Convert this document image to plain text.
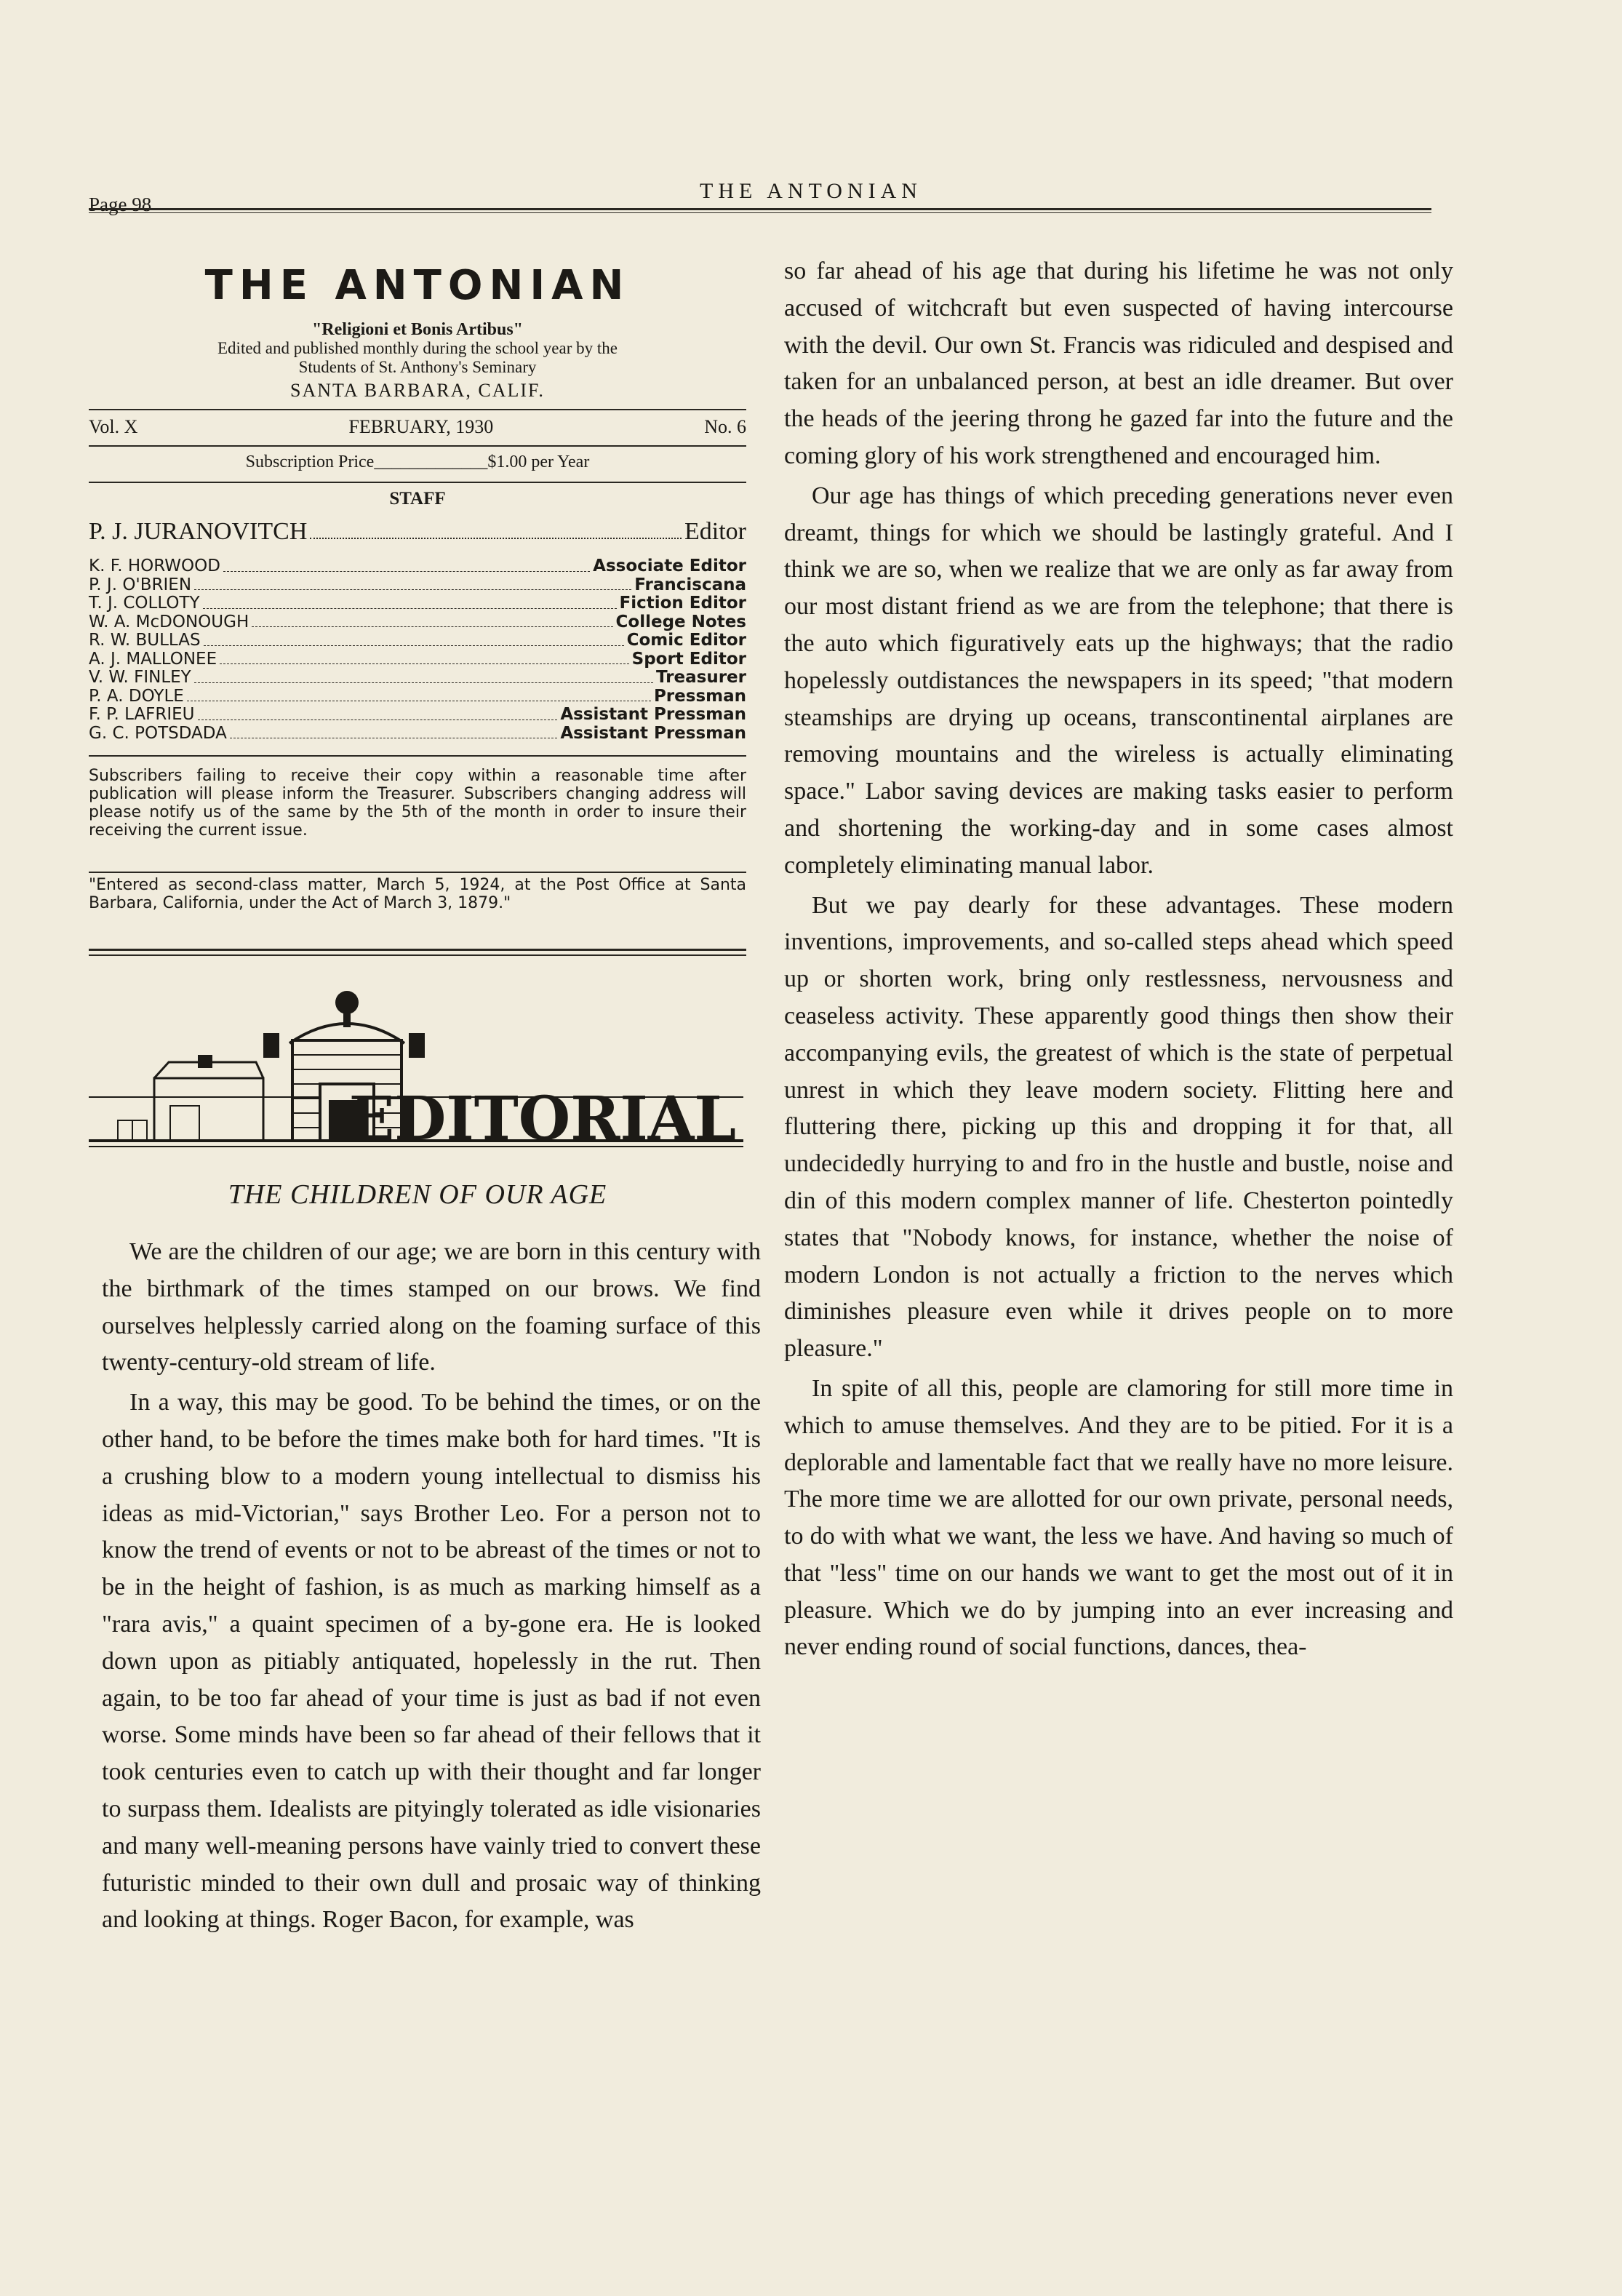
Page 98
THE ANTONIAN
THE ANTONIAN
"Religioni et Bonis Artibus"
Edited and published monthly during the school year by the
Students of St. Anthony's Seminary
SANTA BARBARA, CALIF.
Vol. X	FEBRUARY, 1930	No. 6
Subscription Price_____________$1.00 per Year
STAFF
P. J. JURANOVITCH	Editor
K. F. HORWOOD	Associate Editor
P. J. O'BRIEN	Franciscana
T. J. COLLOTY	Fiction Editor
W. A. McDONOUGH	College Notes
R. W. BULLAS	Comic Editor
A. J. MALLONEE	Sport Editor
V. W. FINLEY	Treasurer
P. A. DOYLE	Pressman
F. P. LAFRIEU	Assistant Pressman
G. C. POTSDADA	Assistant Pressman
Subscribers failing to receive their copy within a reasonable time after publication will please inform the Treasurer. Subscribers changing address will please notify us of the same by the 5th of the month in order to insure their receiving the current issue.
"Entered as second-class matter, March 5, 1924, at the Post Office at Santa Barbara, California, under the Act of March 3, 1879."
EDITORIAL
THE CHILDREN OF OUR AGE

We are the children of our age; we are born in this century with the birthmark of the times stamped on our brows. We find ourselves helplessly carried along on the foaming surface of this twenty-century-old stream of life.

In a way, this may be good. To be behind the times, or on the other hand, to be before the times make both for hard times. "It is a crushing blow to a modern young intellectual to dismiss his ideas as mid-Victorian," says Brother Leo. For a person not to know the trend of events or not to be abreast of the times or not to be in the height of fashion, is as much as marking himself as a "rara avis," a quaint specimen of a by-gone era. He is looked down upon as pitiably antiquated, hopelessly in the rut. Then again, to be too far ahead of your time is just as bad if not even worse. Some minds have been so far ahead of their fellows that it took centuries even to catch up with their thought and far longer to surpass them. Idealists are pityingly tolerated as idle visionaries and many well-meaning persons have vainly tried to convert these futuristic minded to their own dull and prosaic way of thinking and looking at things. Roger Bacon, for example, was

so far ahead of his age that during his lifetime he was not only accused of witchcraft but even suspected of having intercourse with the devil. Our own St. Francis was ridiculed and despised and taken for an unbalanced person, at best an idle dreamer. But over the heads of the jeering throng he gazed far into the future and the coming glory of his work strengthened and encouraged him.

Our age has things of which preceding generations never even dreamt, things for which we should be lastingly grateful. And I think we are so, when we realize that we are only as far away from our most distant friend as we are from the telephone; that there is the auto which figuratively eats up the highways; that the radio hopelessly outdistances the newspapers in its speed; "that modern steamships are drying up oceans, transcontinental airplanes are removing mountains and the wireless is actually eliminating space." Labor saving devices are making tasks easier to perform and shortening the working-day and in some cases almost completely eliminating manual labor.

But we pay dearly for these advantages. These modern inventions, improvements, and so-called steps ahead which speed up or shorten work, bring only restlessness, nervousness and ceaseless activity. These apparently good things then show their accompanying evils, the greatest of which is the state of perpetual unrest in which they leave modern society. Flitting here and fluttering there, picking up this and dropping it for that, all undecidedly hurrying to and fro in the hustle and bustle, noise and din of this modern complex manner of life. Chesterton pointedly states that "Nobody knows, for instance, whether the noise of modern London is not actually a friction to the nerves which diminishes pleasure even while it drives people on to more pleasure."

In spite of all this, people are clamoring for still more time in which to amuse themselves. And they are to be pitied. For it is a deplorable and lamentable fact that we really have no more leisure. The more time we are allotted for our own private, personal needs, to do with what we want, the less we have. And having so much of that "less" time on our hands we want to get the most out of it in pleasure. Which we do by jumping into an ever increasing and never ending round of social functions, dances, thea-
